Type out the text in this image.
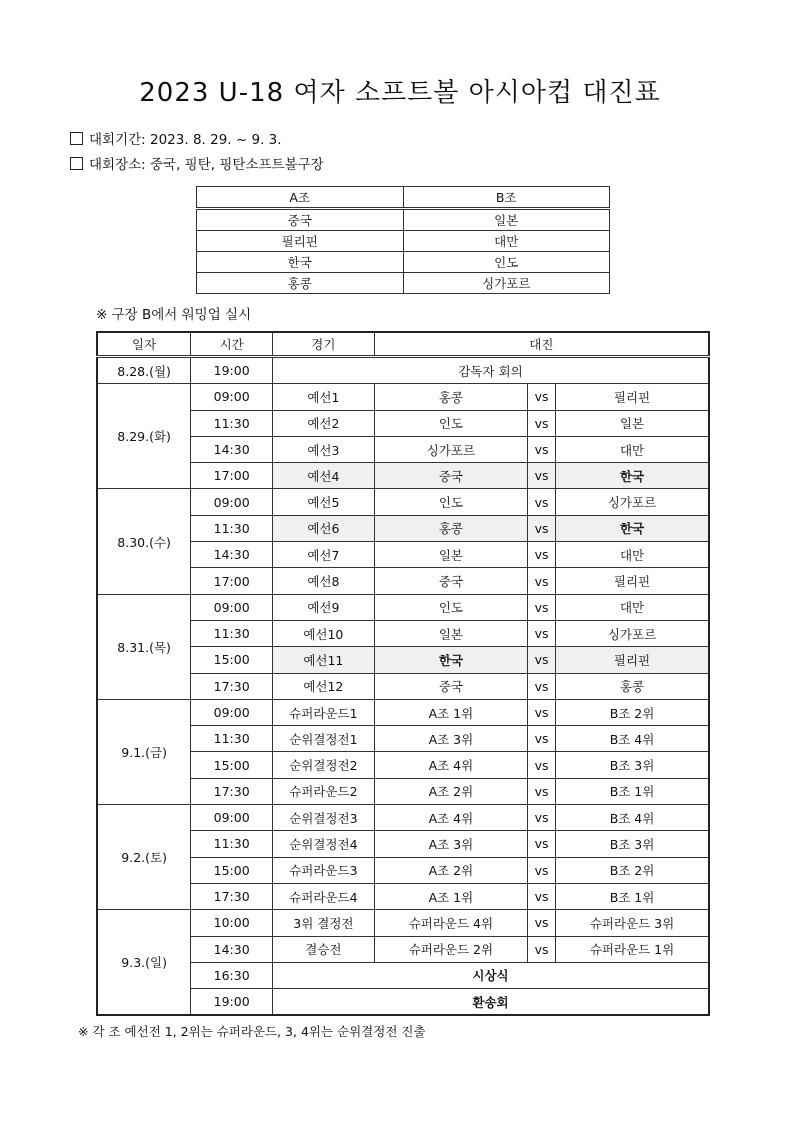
2023 U-18 여자 소프트볼 아시아컵 대진표
대회기간: 2023. 8. 29. ~ 9. 3.
대회장소: 중국, 핑탄, 핑탄소프트볼구장
A조	B조
중국	일본
필리핀	대만
한국	인도
홍콩	싱가포르
※ 구장 B에서 워밍업 실시
일자	시간	경기	대진		
8.28.(월)	19:00	감독자 회의			
8.29.(화)	09:00	예선1	홍콩	vs	필리핀
	11:30	예선2	인도	vs	일본
	14:30	예선3	싱가포르	vs	대만
	17:00	예선4	중국	vs	한국
8.30.(수)	09:00	예선5	인도	vs	싱가포르
	11:30	예선6	홍콩	vs	한국
	14:30	예선7	일본	vs	대만
	17:00	예선8	중국	vs	필리핀
8.31.(목)	09:00	예선9	인도	vs	대만
	11:30	예선10	일본	vs	싱가포르
	15:00	예선11	한국	vs	필리핀
	17:30	예선12	중국	vs	홍콩
9.1.(금)	09:00	슈퍼라운드1	A조 1위	vs	B조 2위
	11:30	순위결정전1	A조 3위	vs	B조 4위
	15:00	순위결정전2	A조 4위	vs	B조 3위
	17:30	슈퍼라운드2	A조 2위	vs	B조 1위
9.2.(토)	09:00	순위결정전3	A조 4위	vs	B조 4위
	11:30	순위결정전4	A조 3위	vs	B조 3위
	15:00	슈퍼라운드3	A조 2위	vs	B조 2위
	17:30	슈퍼라운드4	A조 1위	vs	B조 1위
9.3.(일)	10:00	3위 결정전	슈퍼라운드 4위	vs	슈퍼라운드 3위
	14:30	결승전	슈퍼라운드 2위	vs	슈퍼라운드 1위
	16:30	시상식			
	19:00	환송회			
※ 각 조 예선전 1, 2위는 슈퍼라운드, 3, 4위는 순위결정전 진출
